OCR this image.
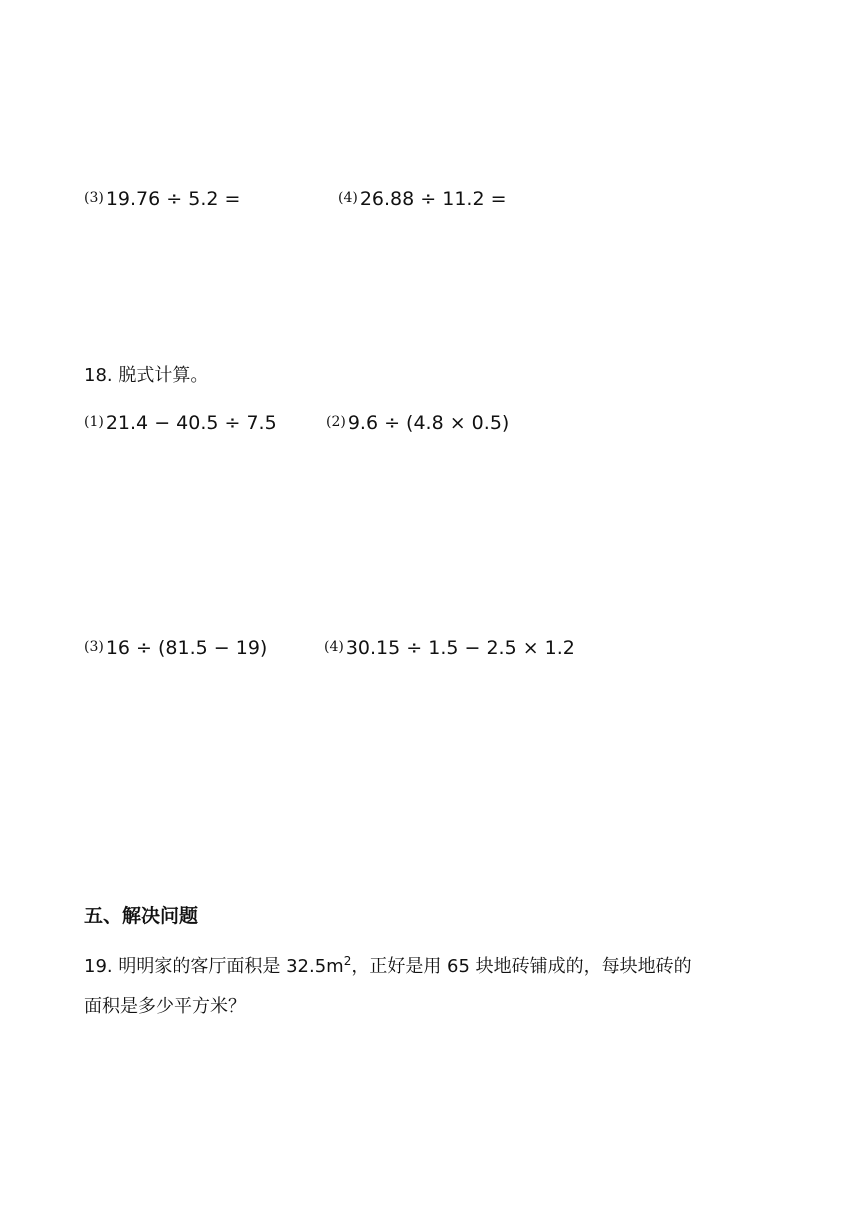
(3) 19.76 ÷ 5.2 =	(4) 26.88 ÷ 11.2 =
18. 脱式计算。
(1) 21.4 − 40.5 ÷ 7.5	(2) 9.6 ÷ (4.8 × 0.5)
(3) 16 ÷ (81.5 − 19)	(4) 30.15 ÷ 1.5 − 2.5 × 1.2
五、解决问题
19. 明明家的客厅面积是 $32.5m^2$，正好是用 65 块地砖铺成的，每块地砖的
面积是多少平方米？
